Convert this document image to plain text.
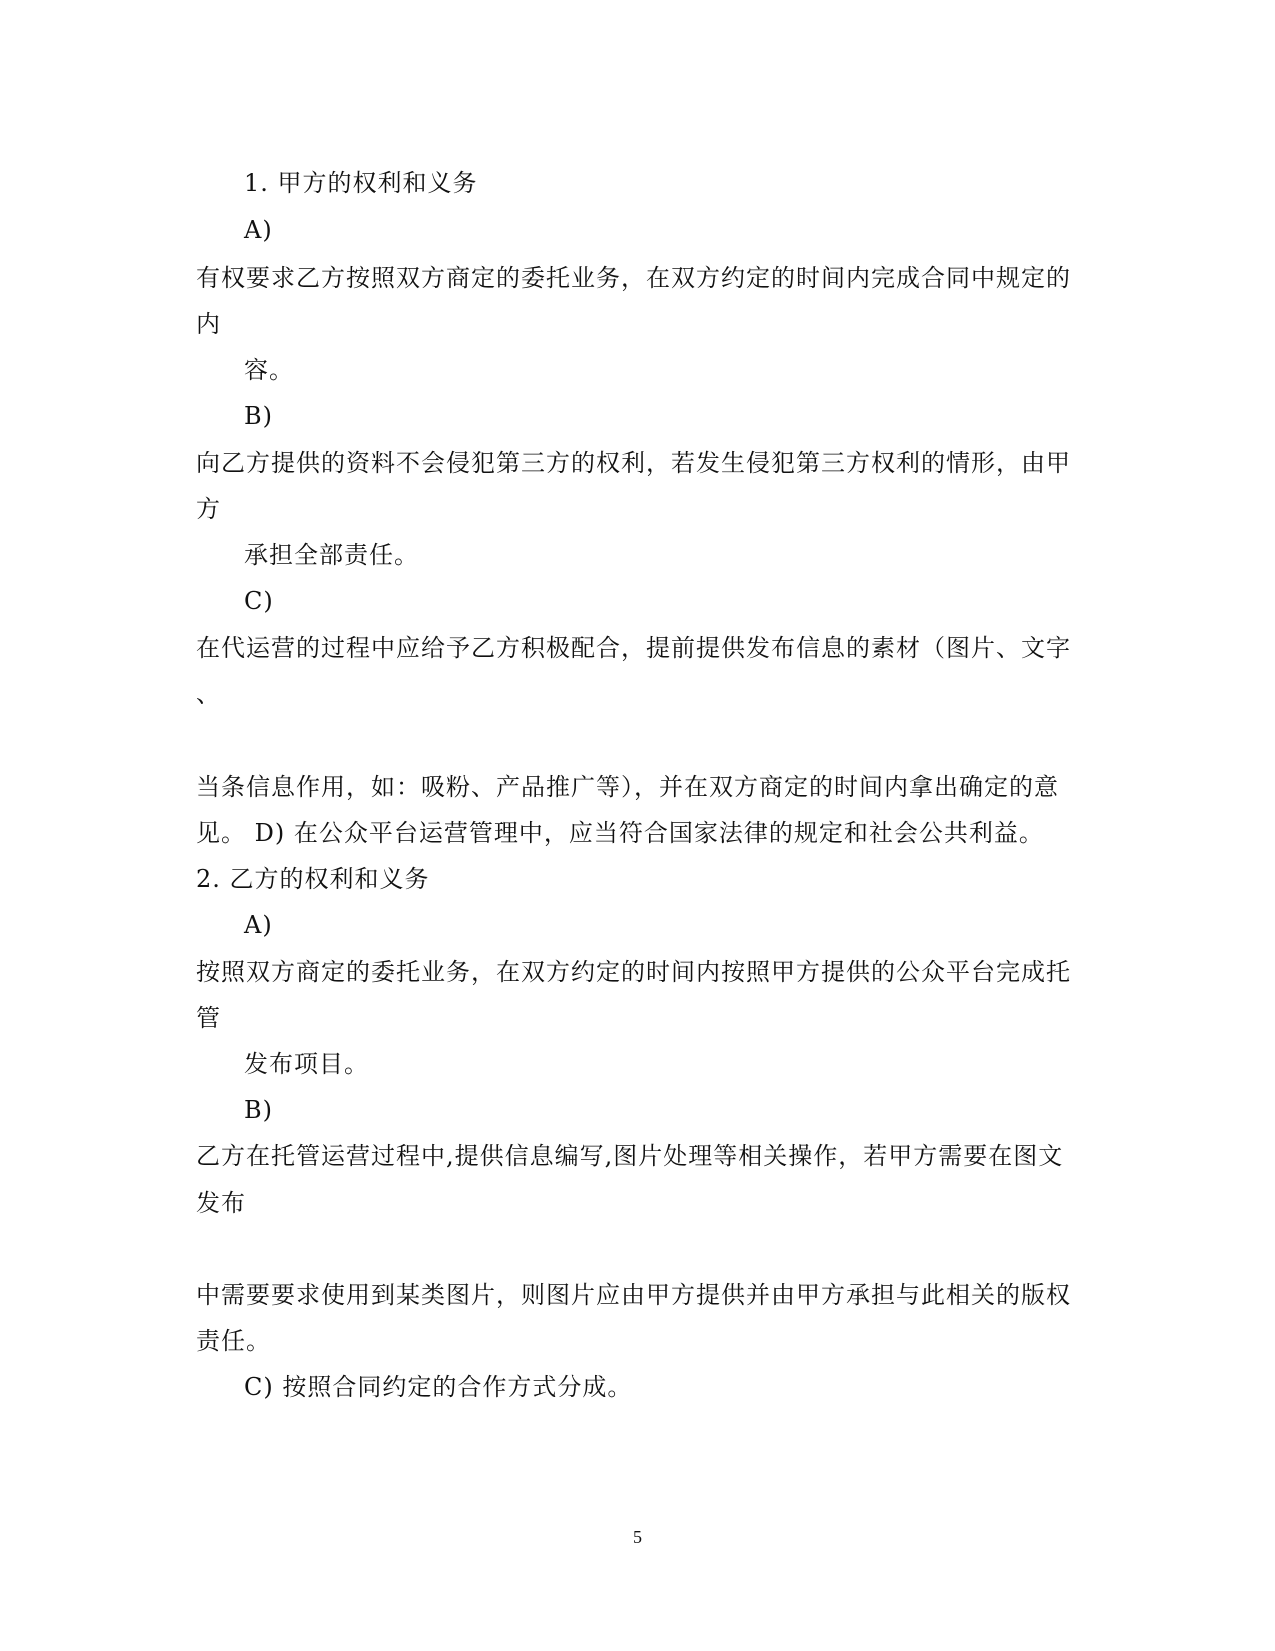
1. 甲方的权利和义务
A)
有权要求乙方按照双方商定的委托业务，在双方约定的时间内完成合同中规定的
内
容。
B)
向乙方提供的资料不会侵犯第三方的权利，若发生侵犯第三方权利的情形，由甲
方
承担全部责任。
C)
在代运营的过程中应给予乙方积极配合，提前提供发布信息的素材（图片、文字
、
当条信息作用，如：吸粉、产品推广等），并在双方商定的时间内拿出确定的意
见。 D) 在公众平台运营管理中，应当符合国家法律的规定和社会公共利益。
2. 乙方的权利和义务
A)
按照双方商定的委托业务，在双方约定的时间内按照甲方提供的公众平台完成托
管
发布项目。
B)
乙方在托管运营过程中,提供信息编写,图片处理等相关操作，若甲方需要在图文
发布
中需要要求使用到某类图片，则图片应由甲方提供并由甲方承担与此相关的版权
责任。
C) 按照合同约定的合作方式分成。
5
